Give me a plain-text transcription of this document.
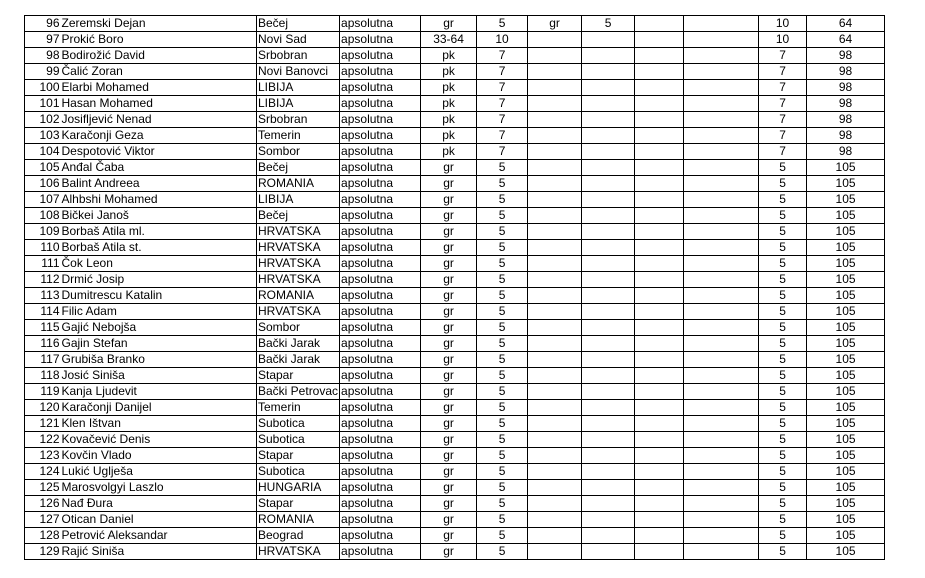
96	Zeremski Dejan	Bečej	apsolutna	gr	5	gr	5			10	64
97	Prokić Boro	Novi Sad	apsolutna	33-64	10					10	64
98	Bodirožić David	Srbobran	apsolutna	pk	7					7	98
99	Čalić Zoran	Novi Banovci	apsolutna	pk	7					7	98
100	Elarbi Mohamed	LIBIJA	apsolutna	pk	7					7	98
101	Hasan Mohamed	LIBIJA	apsolutna	pk	7					7	98
102	Josifljević Nenad	Srbobran	apsolutna	pk	7					7	98
103	Karačonji Geza	Temerin	apsolutna	pk	7					7	98
104	Despotović Viktor	Sombor	apsolutna	pk	7					7	98
105	Anđal Čaba	Bečej	apsolutna	gr	5					5	105
106	Balint Andreea	ROMANIA	apsolutna	gr	5					5	105
107	Alhbshi Mohamed	LIBIJA	apsolutna	gr	5					5	105
108	Bičkei Janoš	Bečej	apsolutna	gr	5					5	105
109	Borbaš Atila ml.	HRVATSKA	apsolutna	gr	5					5	105
110	Borbaš Atila st.	HRVATSKA	apsolutna	gr	5					5	105
111	Čok Leon	HRVATSKA	apsolutna	gr	5					5	105
112	Drmić Josip	HRVATSKA	apsolutna	gr	5					5	105
113	Dumitrescu Katalin	ROMANIA	apsolutna	gr	5					5	105
114	Filic Adam	HRVATSKA	apsolutna	gr	5					5	105
115	Gajić Nebojša	Sombor	apsolutna	gr	5					5	105
116	Gajin Stefan	Bački Jarak	apsolutna	gr	5					5	105
117	Grubiša Branko	Bački Jarak	apsolutna	gr	5					5	105
118	Josić Siniša	Stapar	apsolutna	gr	5					5	105
119	Kanja Ljudevit	Bački Petrovac	apsolutna	gr	5					5	105
120	Karačonji Danijel	Temerin	apsolutna	gr	5					5	105
121	Klen Ištvan	Subotica	apsolutna	gr	5					5	105
122	Kovačević Denis	Subotica	apsolutna	gr	5					5	105
123	Kovčin Vlado	Stapar	apsolutna	gr	5					5	105
124	Lukić Uglješa	Subotica	apsolutna	gr	5					5	105
125	Marosvolgyi Laszlo	HUNGARIA	apsolutna	gr	5					5	105
126	Nađ Đura	Stapar	apsolutna	gr	5					5	105
127	Otican Daniel	ROMANIA	apsolutna	gr	5					5	105
128	Petrović Aleksandar	Beograd	apsolutna	gr	5					5	105
129	Rajić Siniša	HRVATSKA	apsolutna	gr	5					5	105
